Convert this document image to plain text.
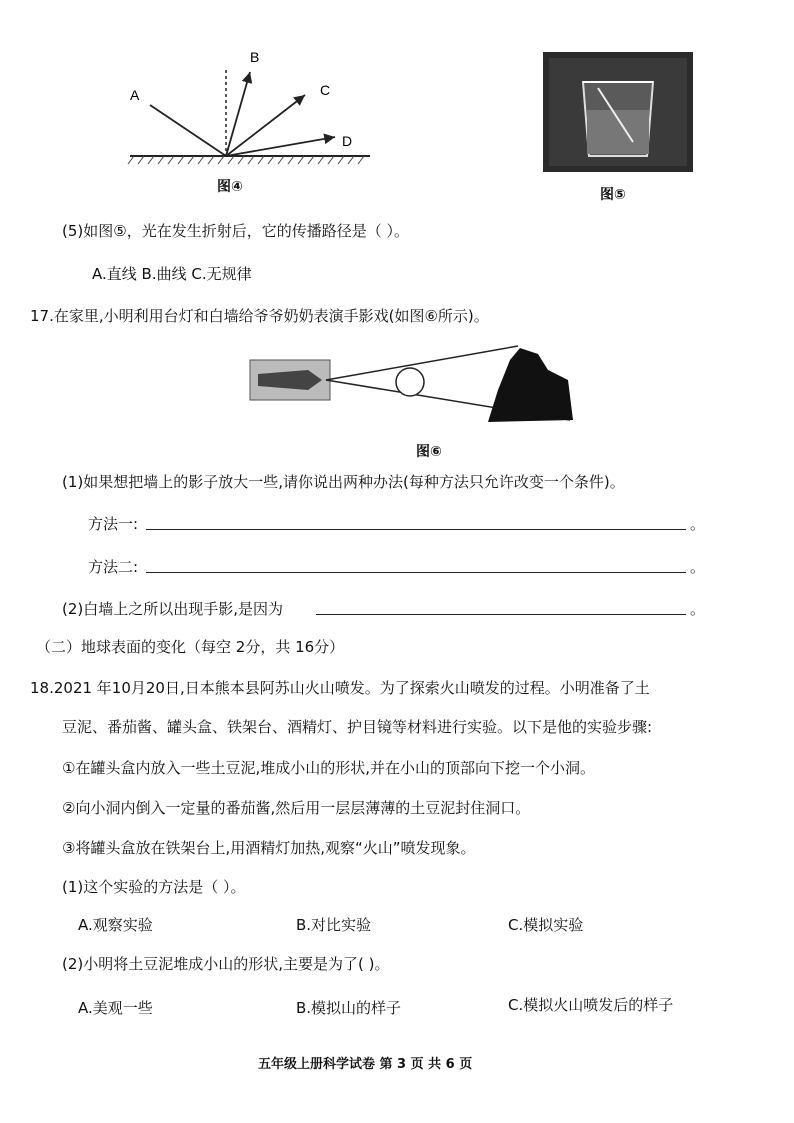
A
B
C
D
图④	图⑤
(5)如图⑤，光在发生折射后，它的传播路径是（ ）。
A.直线 B.曲线 C.无规律
17.在家里,小明利用台灯和白墙给爷爷奶奶表演手影戏(如图⑥所示)。
图⑥
(1)如果想把墙上的影子放大一些,请你说出两种办法(每种方法只允许改变一个条件)。
方法一:	。
方法二:	。
(2)白墙上之所以出现手影,是因为	。
（二）地球表面的变化（每空 2分，共 16分）
18.2021 年10月20日,日本熊本县阿苏山火山喷发。为了探索火山喷发的过程。小明准备了土
豆泥、番茄酱、罐头盒、铁架台、酒精灯、护目镜等材料进行实验。以下是他的实验步骤:
①在罐头盒内放入一些土豆泥,堆成小山的形状,并在小山的顶部向下挖一个小洞。
②向小洞内倒入一定量的番茄酱,然后用一层层薄薄的土豆泥封住洞口。
③将罐头盒放在铁架台上,用酒精灯加热,观察“火山”喷发现象。
(1)这个实验的方法是（ ）。
A.观察实验	B.对比实验	C.模拟实验
(2)小明将土豆泥堆成小山的形状,主要是为了( )。
A.美观一些	B.模拟山的样子	C.模拟火山喷发后的样子
五年级上册科学试卷 第 3 页 共 6 页
